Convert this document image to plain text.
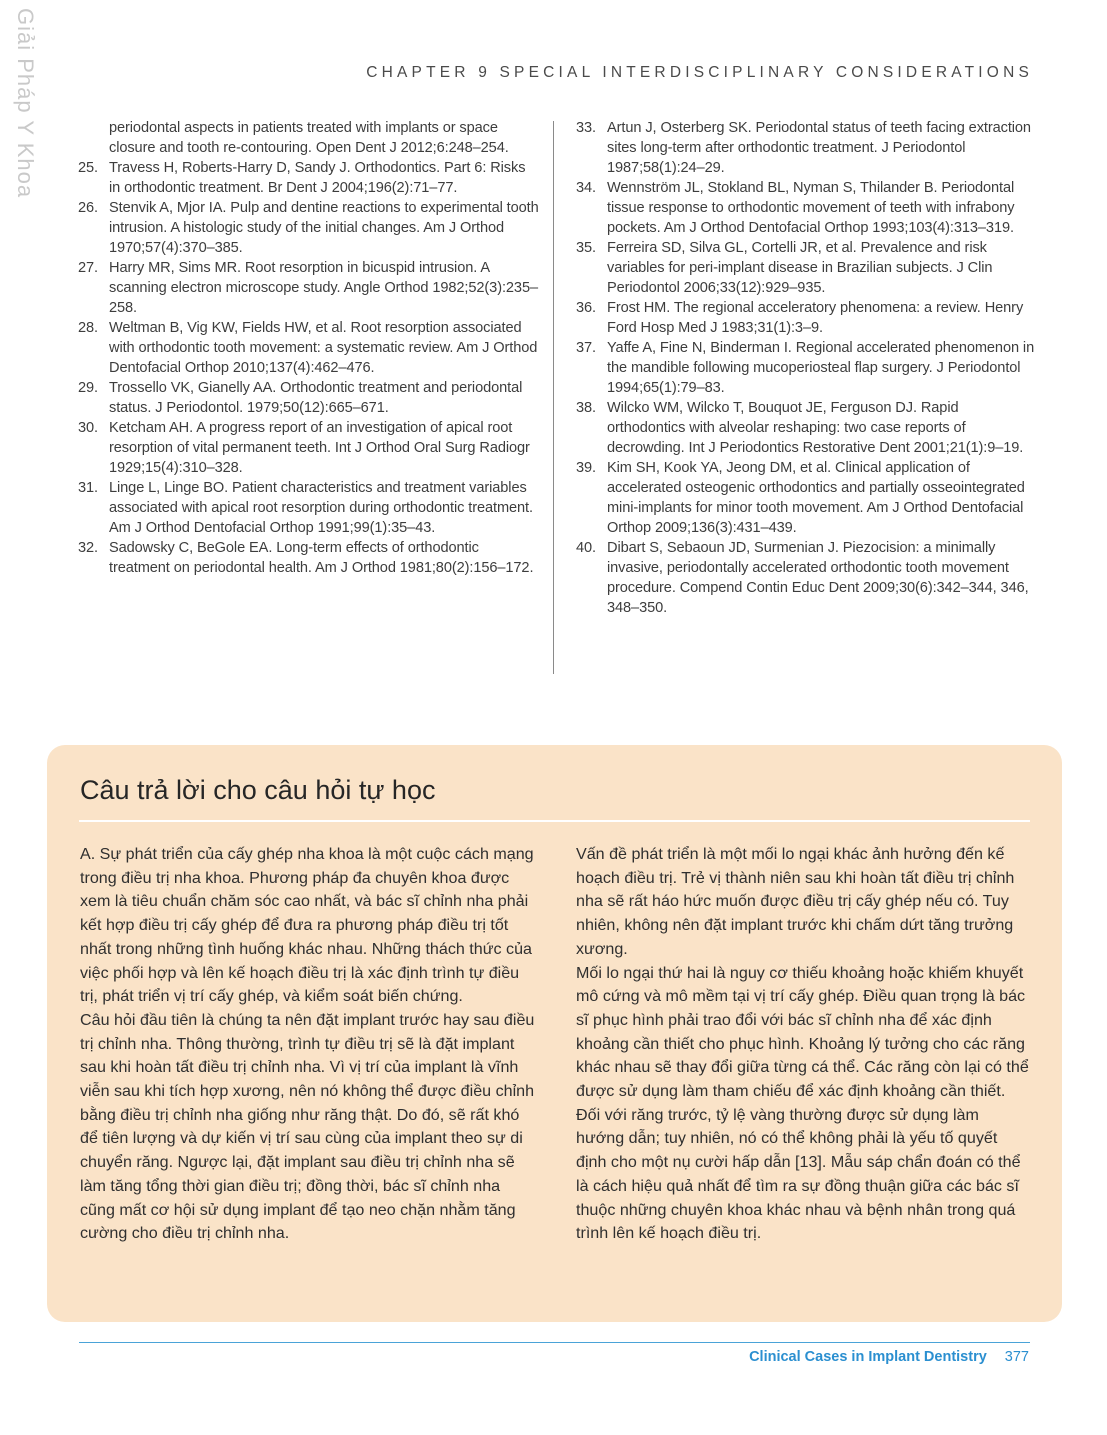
Giải Pháp Y Khoa	CHAPTER 9 SPECIAL INTERDISCIPLINARY CONSIDERATIONS
periodontal aspects in patients treated with implants or space closure and tooth re-contouring. Open Dent J 2012;6:248–254.
25. Travess H, Roberts-Harry D, Sandy J. Orthodontics. Part 6: Risks in orthodontic treatment. Br Dent J 2004;196(2):71–77.
26. Stenvik A, Mjor IA. Pulp and dentine reactions to experimental tooth intrusion. A histologic study of the initial changes. Am J Orthod 1970;57(4):370–385.
27. Harry MR, Sims MR. Root resorption in bicuspid intrusion. A scanning electron microscope study. Angle Orthod 1982;52(3):235–258.
28. Weltman B, Vig KW, Fields HW, et al. Root resorption associated with orthodontic tooth movement: a systematic review. Am J Orthod Dentofacial Orthop 2010;137(4):462–476.
29. Trossello VK, Gianelly AA. Orthodontic treatment and periodontal status. J Periodontol. 1979;50(12):665–671.
30. Ketcham AH. A progress report of an investigation of apical root resorption of vital permanent teeth. Int J Orthod Oral Surg Radiogr 1929;15(4):310–328.
31. Linge L, Linge BO. Patient characteristics and treatment variables associated with apical root resorption during orthodontic treatment. Am J Orthod Dentofacial Orthop 1991;99(1):35–43.
32. Sadowsky C, BeGole EA. Long-term effects of orthodontic treatment on periodontal health. Am J Orthod 1981;80(2):156–172.
33. Artun J, Osterberg SK. Periodontal status of teeth facing extraction sites long-term after orthodontic treatment. J Periodontol 1987;58(1):24–29.
34. Wennström JL, Stokland BL, Nyman S, Thilander B. Periodontal tissue response to orthodontic movement of teeth with infrabony pockets. Am J Orthod Dentofacial Orthop 1993;103(4):313–319.
35. Ferreira SD, Silva GL, Cortelli JR, et al. Prevalence and risk variables for peri-implant disease in Brazilian subjects. J Clin Periodontol 2006;33(12):929–935.
36. Frost HM. The regional acceleratory phenomena: a review. Henry Ford Hosp Med J 1983;31(1):3–9.
37. Yaffe A, Fine N, Binderman I. Regional accelerated phenomenon in the mandible following mucoperiosteal flap surgery. J Periodontol 1994;65(1):79–83.
38. Wilcko WM, Wilcko T, Bouquot JE, Ferguson DJ. Rapid orthodontics with alveolar reshaping: two case reports of decrowding. Int J Periodontics Restorative Dent 2001;21(1):9–19.
39. Kim SH, Kook YA, Jeong DM, et al. Clinical application of accelerated osteogenic orthodontics and partially osseointegrated mini-implants for minor tooth movement. Am J Orthod Dentofacial Orthop 2009;136(3):431–439.
40. Dibart S, Sebaoun JD, Surmenian J. Piezocision: a minimally invasive, periodontally accelerated orthodontic tooth movement procedure. Compend Contin Educ Dent 2009;30(6):342–344, 346, 348–350.
Câu trả lời cho câu hỏi tự học

A. Sự phát triển của cấy ghép nha khoa là một cuộc cách mạng trong điều trị nha khoa. Phương pháp đa chuyên khoa được xem là tiêu chuẩn chăm sóc cao nhất, và bác sĩ chỉnh nha phải kết hợp điều trị cấy ghép để đưa ra phương pháp điều trị tốt nhất trong những tình huống khác nhau. Những thách thức của việc phối hợp và lên kế hoạch điều trị là xác định trình tự điều trị, phát triển vị trí cấy ghép, và kiểm soát biến chứng.

Câu hỏi đầu tiên là chúng ta nên đặt implant trước hay sau điều trị chỉnh nha. Thông thường, trình tự điều trị sẽ là đặt implant sau khi hoàn tất điều trị chỉnh nha. Vì vị trí của implant là vĩnh viễn sau khi tích hợp xương, nên nó không thể được điều chỉnh bằng điều trị chỉnh nha giống như răng thật. Do đó, sẽ rất khó để tiên lượng và dự kiến vị trí sau cùng của implant theo sự di chuyển răng. Ngược lại, đặt implant sau điều trị chỉnh nha sẽ làm tăng tổng thời gian điều trị; đồng thời, bác sĩ chỉnh nha cũng mất cơ hội sử dụng implant để tạo neo chặn nhằm tăng cường cho điều trị chỉnh nha.

Vấn đề phát triển là một mối lo ngại khác ảnh hưởng đến kế hoạch điều trị. Trẻ vị thành niên sau khi hoàn tất điều trị chỉnh nha sẽ rất háo hức muốn được điều trị cấy ghép nếu có. Tuy nhiên, không nên đặt implant trước khi chấm dứt tăng trưởng xương.

Mối lo ngại thứ hai là nguy cơ thiếu khoảng hoặc khiếm khuyết mô cứng và mô mềm tại vị trí cấy ghép. Điều quan trọng là bác sĩ phục hình phải trao đổi với bác sĩ chỉnh nha để xác định khoảng cần thiết cho phục hình. Khoảng lý tưởng cho các răng khác nhau sẽ thay đổi giữa từng cá thể. Các răng còn lại có thể được sử dụng làm tham chiếu để xác định khoảng cần thiết. Đối với răng trước, tỷ lệ vàng thường được sử dụng làm hướng dẫn; tuy nhiên, nó có thể không phải là yếu tố quyết định cho một nụ cười hấp dẫn [13]. Mẫu sáp chẩn đoán có thể là cách hiệu quả nhất để tìm ra sự đồng thuận giữa các bác sĩ thuộc những chuyên khoa khác nhau và bệnh nhân trong quá trình lên kế hoạch điều trị.

Clinical Cases in Implant Dentistry 377
